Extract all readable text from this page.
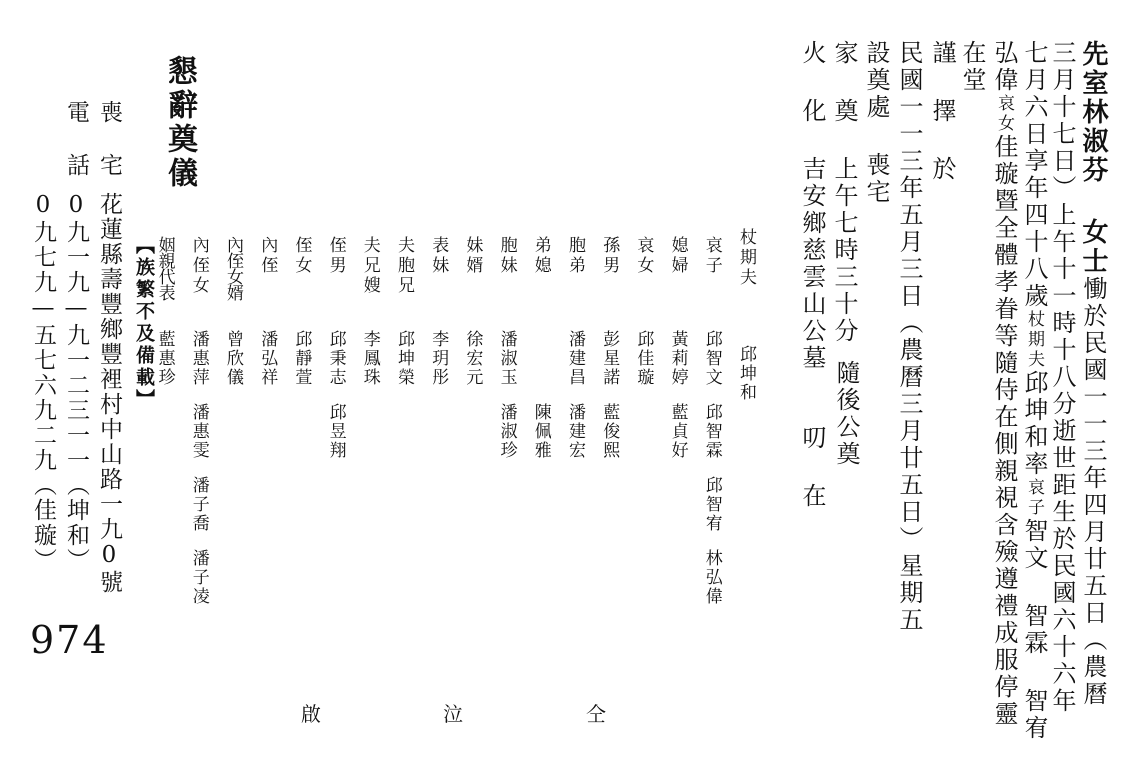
先室林淑芬 女士慟於民國一一三年四月廿五日（農曆
三月十七日）上午十一時十八分逝世距生於民國六十六年
七月六日享年四十八歲杖期夫邱坤和率哀子智文 智霖 智宥
弘偉哀女佳璇暨全體孝眷等隨侍在側親視含殮遵禮成服停靈
在堂
謹 擇 於
民國一一三年五月三日（農曆三月廿五日）星期五
設奠處 喪宅
隨後公奠
家 奠 上午七時三十分
叨 在
火 化 吉安鄉慈雲山公墓
杖期夫
邱坤和
哀子
邱智文邱智霖邱智宥林弘偉
媳婦
黃莉婷藍貞好
哀女
邱佳璇
孫男
彭星諾藍俊熙
胞弟
潘建昌潘建宏
弟媳
　　　陳佩雅
胞妹
潘淑玉潘淑珍
妹婿
徐宏元
表妹
李玥彤
夫胞兄
邱坤榮
夫兄嫂
李鳳珠
侄男
邱秉志邱昱翔
侄女
邱靜萱
內侄
潘弘祥
內侄女婿
曾欣儀
內侄女
潘惠萍潘惠雯潘子喬潘子凌
姻親代表
藍惠珍
啟	泣	仝
懇辭奠儀
【族繁不及備載】
喪 宅
花蓮縣壽豐鄉豐裡村中山路一九0號
電 話
0九一九—九一二三一一（坤和）
0九七九—五七六九二九（佳璇）
974
